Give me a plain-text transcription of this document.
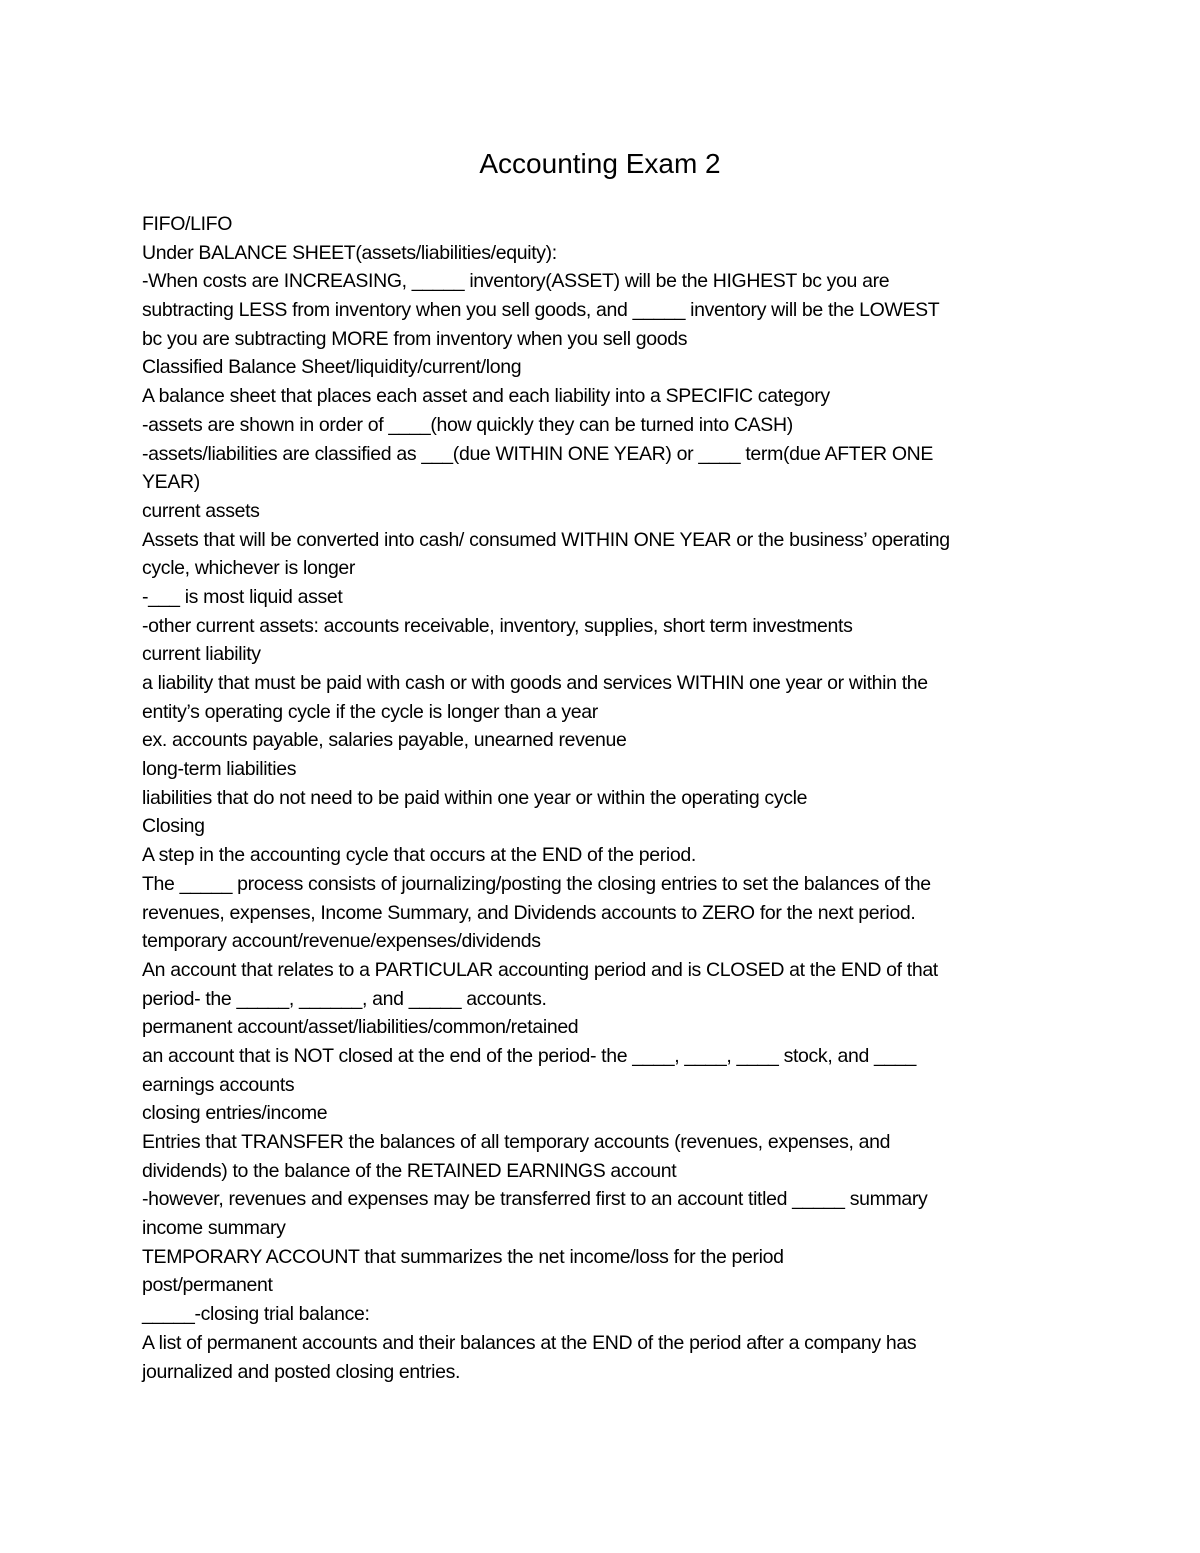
Accounting Exam 2
FIFO/LIFO
Under BALANCE SHEET(assets/liabilities/equity):
-When costs are INCREASING, _____ inventory(ASSET) will be the HIGHEST bc you are
subtracting LESS from inventory when you sell goods, and _____ inventory will be the LOWEST
bc you are subtracting MORE from inventory when you sell goods
Classified Balance Sheet/liquidity/current/long
A balance sheet that places each asset and each liability into a SPECIFIC category
-assets are shown in order of ____(how quickly they can be turned into CASH)
-assets/liabilities are classified as ___(due WITHIN ONE YEAR) or ____ term(due AFTER ONE
YEAR)
current assets
Assets that will be converted into cash/ consumed WITHIN ONE YEAR or the business’ operating
cycle, whichever is longer
-___ is most liquid asset
-other current assets: accounts receivable, inventory, supplies, short term investments
current liability
a liability that must be paid with cash or with goods and services WITHIN one year or within the
entity’s operating cycle if the cycle is longer than a year
ex. accounts payable, salaries payable, unearned revenue
long-term liabilities
liabilities that do not need to be paid within one year or within the operating cycle
Closing
A step in the accounting cycle that occurs at the END of the period.
The _____ process consists of journalizing/posting the closing entries to set the balances of the
revenues, expenses, Income Summary, and Dividends accounts to ZERO for the next period.
temporary account/revenue/expenses/dividends
An account that relates to a PARTICULAR accounting period and is CLOSED at the END of that
period- the _____, ______, and _____ accounts.
permanent account/asset/liabilities/common/retained
an account that is NOT closed at the end of the period- the ____, ____, ____ stock, and ____
earnings accounts
closing entries/income
Entries that TRANSFER the balances of all temporary accounts (revenues, expenses, and
dividends) to the balance of the RETAINED EARNINGS account
-however, revenues and expenses may be transferred first to an account titled _____ summary
income summary
TEMPORARY ACCOUNT that summarizes the net income/loss for the period
post/permanent
_____-closing trial balance:
A list of permanent accounts and their balances at the END of the period after a company has
journalized and posted closing entries.
